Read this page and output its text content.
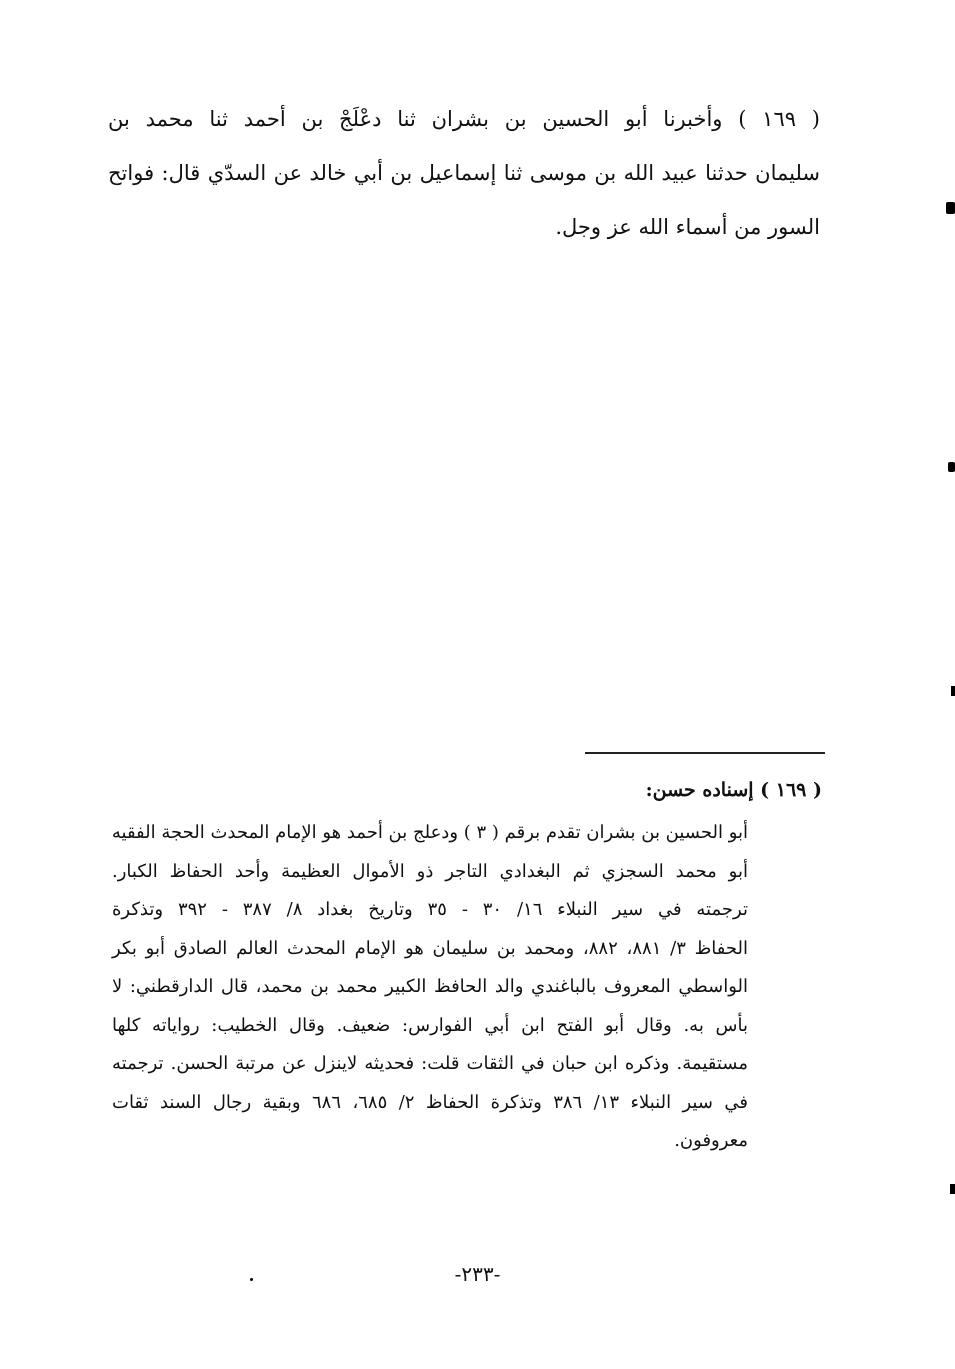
( ١٦٩ ) وأخبرنا أبو الحسين بن بشران ثنا دعْلَجْ بن أحمد ثنا محمد بن
سليمان حدثنا عبيد الله بن موسى ثنا إسماعيل بن أبي خالد عن السدّي قال: فواتح
السور من أسماء الله عز وجل.
( ١٦٩ ) إسناده حسن:
أبو الحسين بن بشران تقدم برقم ( ٣ ) ودعلج بن أحمد هو الإمام المحدث الحجة الفقيه
أبو محمد السجزي ثم البغدادي التاجر ذو الأموال العظيمة وأحد الحفاظ الكبار.
ترجمته في سير النبلاء ١٦/ ٣٠ - ٣٥ وتاريخ بغداد ٨/ ٣٨٧ - ٣٩٢ وتذكرة
الحفاظ ٣/ ٨٨١، ٨٨٢، ومحمد بن سليمان هو الإمام المحدث العالم الصادق أبو بكر
الواسطي المعروف بالباغندي والد الحافظ الكبير محمد بن محمد، قال الدارقطني: لا
بأس به. وقال أبو الفتح ابن أبي الفوارس: ضعيف. وقال الخطيب: رواياته كلها
مستقيمة. وذكره ابن حبان في الثقات قلت: فحديثه لاينزل عن مرتبة الحسن. ترجمته
في سير النبلاء ١٣/ ٣٨٦ وتذكرة الحفاظ ٢/ ٦٨٥، ٦٨٦ وبقية رجال السند ثقات
معروفون.
-٢٣٣-
